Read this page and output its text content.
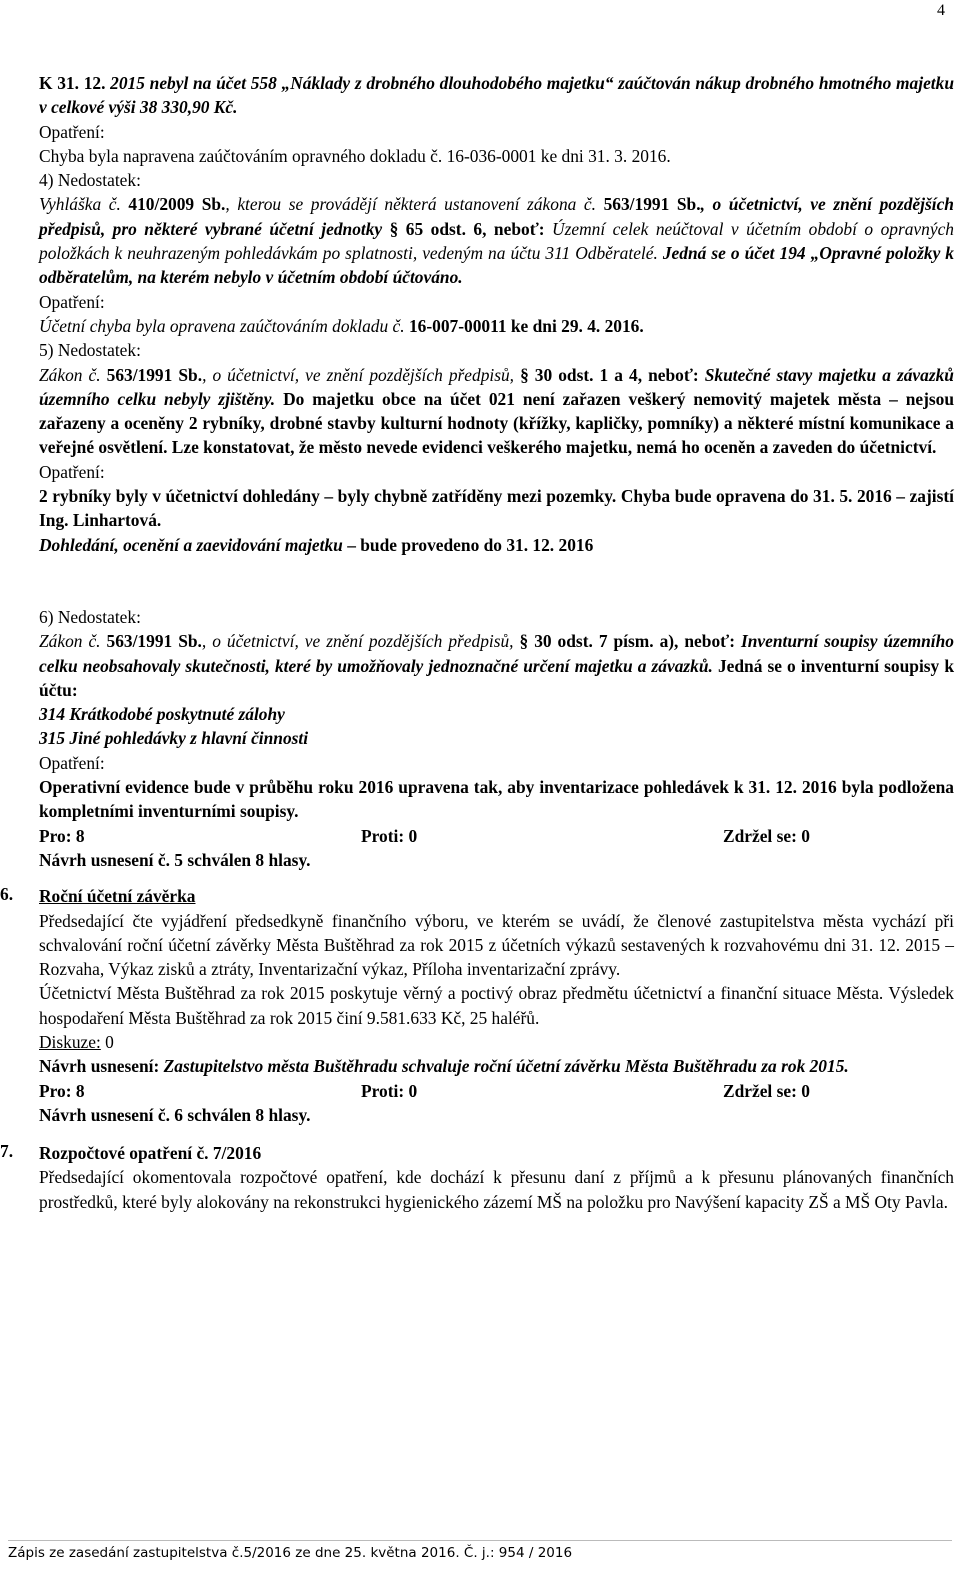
4

K 31. 12. 2015 nebyl na účet 558 „Náklady z drobného dlouhodobého majetku“ zaúčtován nákup drobného hmotného majetku v celkové výši 38 330,90 Kč.

Opatření:

Chyba byla napravena zaúčtováním opravného dokladu č. 16-036-0001 ke dni 31. 3. 2016.

4) Nedostatek:

Vyhláška č. 410/2009 Sb., kterou se provádějí některá ustanovení zákona č. 563/1991 Sb., o účetnictví, ve znění pozdějších předpisů, pro některé vybrané účetní jednotky § 65 odst. 6, neboť: Územní celek neúčtoval v účetním období o opravných položkách k neuhrazeným pohledávkám po splatnosti, vedeným na účtu 311 Odběratelé. Jedná se o účet 194 „Opravné položky k odběratelům, na kterém nebylo v účetním období účtováno.

Opatření:

Účetní chyba byla opravena zaúčtováním dokladu č. 16-007-00011 ke dni 29. 4. 2016.

5) Nedostatek:

Zákon č. 563/1991 Sb., o účetnictví, ve znění pozdějších předpisů, § 30 odst. 1 a 4, neboť: Skutečné stavy majetku a závazků územního celku nebyly zjištěny. Do majetku obce na účet 021 není zařazen veškerý nemovitý majetek města – nejsou zařazeny a oceněny 2 rybníky, drobné stavby kulturní hodnoty (křížky, kapličky, pomníky) a některé místní komunikace a veřejné osvětlení. Lze konstatovat, že město nevede evidenci veškerého majetku, nemá ho oceněn a zaveden do účetnictví.

Opatření:

2 rybníky byly v účetnictví dohledány – byly chybně zatříděny mezi pozemky. Chyba bude opravena do 31. 5. 2016 – zajistí Ing. Linhartová.

Dohledání, ocenění a zaevidování majetku – bude provedeno do 31. 12. 2016

6) Nedostatek:

Zákon č. 563/1991 Sb., o účetnictví, ve znění pozdějších předpisů, § 30 odst. 7 písm. a), neboť: Inventurní soupisy územního celku neobsahovaly skutečnosti, které by umožňovaly jednoznačné určení majetku a závazků. Jedná se o inventurní soupisy k účtu:

314 Krátkodobé poskytnuté zálohy

315 Jiné pohledávky z hlavní činnosti

Opatření:

Operativní evidence bude v průběhu roku 2016 upravena tak, aby inventarizace pohledávek k 31. 12. 2016 byla podložena kompletními inventurními soupisy.

Pro: 8	Proti: 0	Zdržel se: 0

Návrh usnesení č. 5 schválen 8 hlasy.

6. Roční účetní závěrka

Předsedající čte vyjádření předsedkyně finančního výboru, ve kterém se uvádí, že členové zastupitelstva města vychází při schvalování roční účetní závěrky Města Buštěhrad za rok 2015 z účetních výkazů sestavených k rozvahovému dni 31. 12. 2015 – Rozvaha, Výkaz zisků a ztráty, Inventarizační výkaz, Příloha inventarizační zprávy.

Účetnictví Města Buštěhrad za rok 2015 poskytuje věrný a poctivý obraz předmětu účetnictví a finanční situace Města. Výsledek hospodaření Města Buštěhrad za rok 2015 činí 9.581.633 Kč, 25 haléřů.

Diskuze: 0

Návrh usnesení: Zastupitelstvo města Buštěhradu schvaluje roční účetní závěrku Města Buštěhradu za rok 2015.

Pro: 8	Proti: 0	Zdržel se: 0

Návrh usnesení č. 6 schválen 8 hlasy.

7. Rozpočtové opatření č. 7/2016

Předsedající okomentovala rozpočtové opatření, kde dochází k přesunu daní z příjmů a k přesunu plánovaných finančních prostředků, které byly alokovány na rekonstrukci hygienického zázemí MŠ na položku pro Navýšení kapacity ZŠ a MŠ Oty Pavla.

Zápis ze zasedání zastupitelstva č.5/2016 ze dne 25. května 2016. Č. j.: 954 / 2016
